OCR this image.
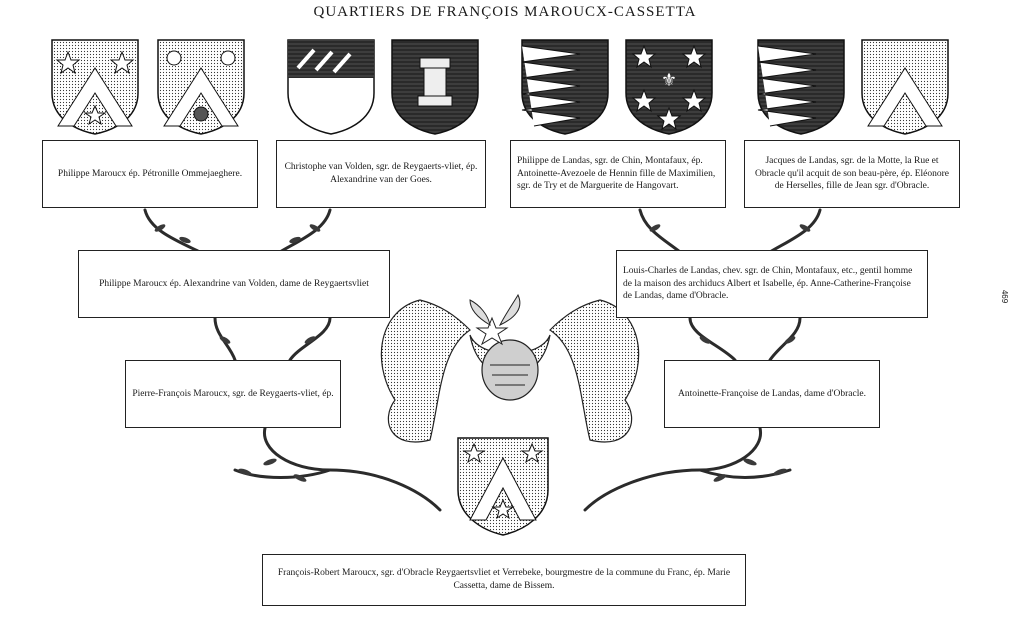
QUARTIERS DE FRANÇOIS MAROUCX-CASSETTA
469
⚜
Philippe Maroucx ép. Pétronille Ommejaeghere.
Christophe van Volden, sgr. de Reygaerts-vliet, ép. Alexandrine van der Goes.
Philippe de Landas, sgr. de Chin, Montafaux, ép. Antoinette-Avezoele de Hennin fille de Maximilien, sgr. de Try et de Marguerite de Hangovart.
Jacques de Landas, sgr. de la Motte, la Rue et Obracle qu'il acquit de son beau-père, ép. Eléonore de Herselles, fille de Jean sgr. d'Obracle.
Philippe Maroucx ép. Alexandrine van Volden, dame de Reygaertsvliet
Louis-Charles de Landas, chev. sgr. de Chin, Montafaux, etc., gentil homme de la maison des archiducs Albert et Isabelle, ép. Anne-Catherine-Françoise de Landas, dame d'Obracle.
Pierre-François Maroucx, sgr. de Reygaerts-vliet, ép.	Antoinette-Françoise de Landas, dame d'Obracle.
François-Robert Maroucx, sgr. d'Obracle Reygaertsvliet et Verrebeke, bourgmestre de la commune du Franc, ép. Marie Cassetta, dame de Bissem.
